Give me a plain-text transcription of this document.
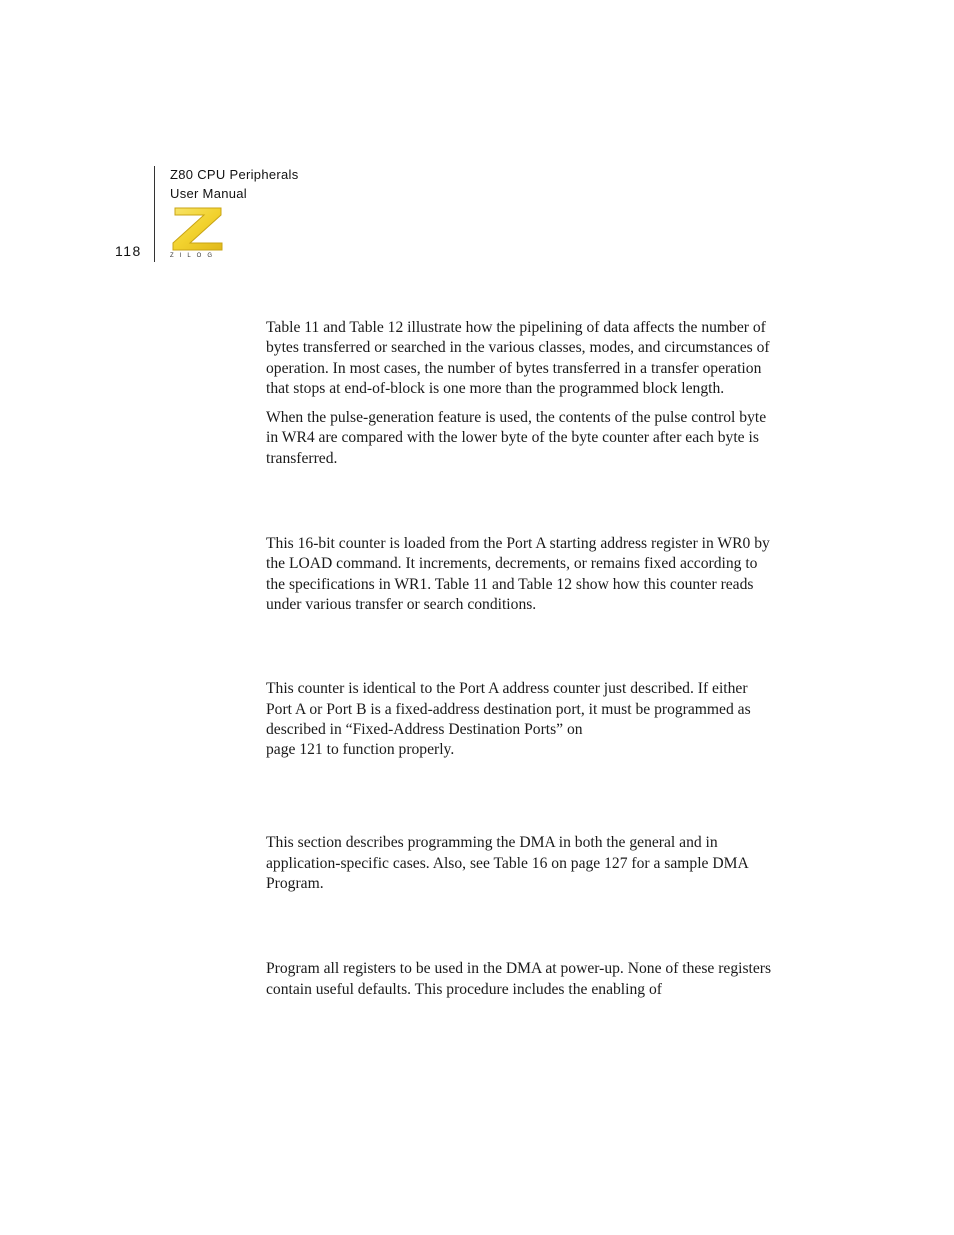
Z80 CPU Peripherals
User Manual
118	ZILOG

Table 11 and Table 12 illustrate how the pipelining of data affects the number of bytes transferred or searched in the various classes, modes, and circumstances of operation. In most cases, the number of bytes transferred in a transfer operation that stops at end-of-block is one more than the programmed block length.

When the pulse-generation feature is used, the contents of the pulse control byte in WR4 are compared with the lower byte of the byte counter after each byte is transferred.

This 16-bit counter is loaded from the Port A starting address register in WR0 by the LOAD command. It increments, decrements, or remains fixed according to the specifications in WR1. Table 11 and Table 12 show how this counter reads under various transfer or search conditions.

This counter is identical to the Port A address counter just described. If either Port A or Port B is a fixed-address destination port, it must be programmed as described in “Fixed-Address Destination Ports” on
page 121 to function properly.

This section describes programming the DMA in both the general and in application-specific cases. Also, see Table 16 on page 127 for a sample DMA Program.

Program all registers to be used in the DMA at power-up. None of these registers contain useful defaults. This procedure includes the enabling of
